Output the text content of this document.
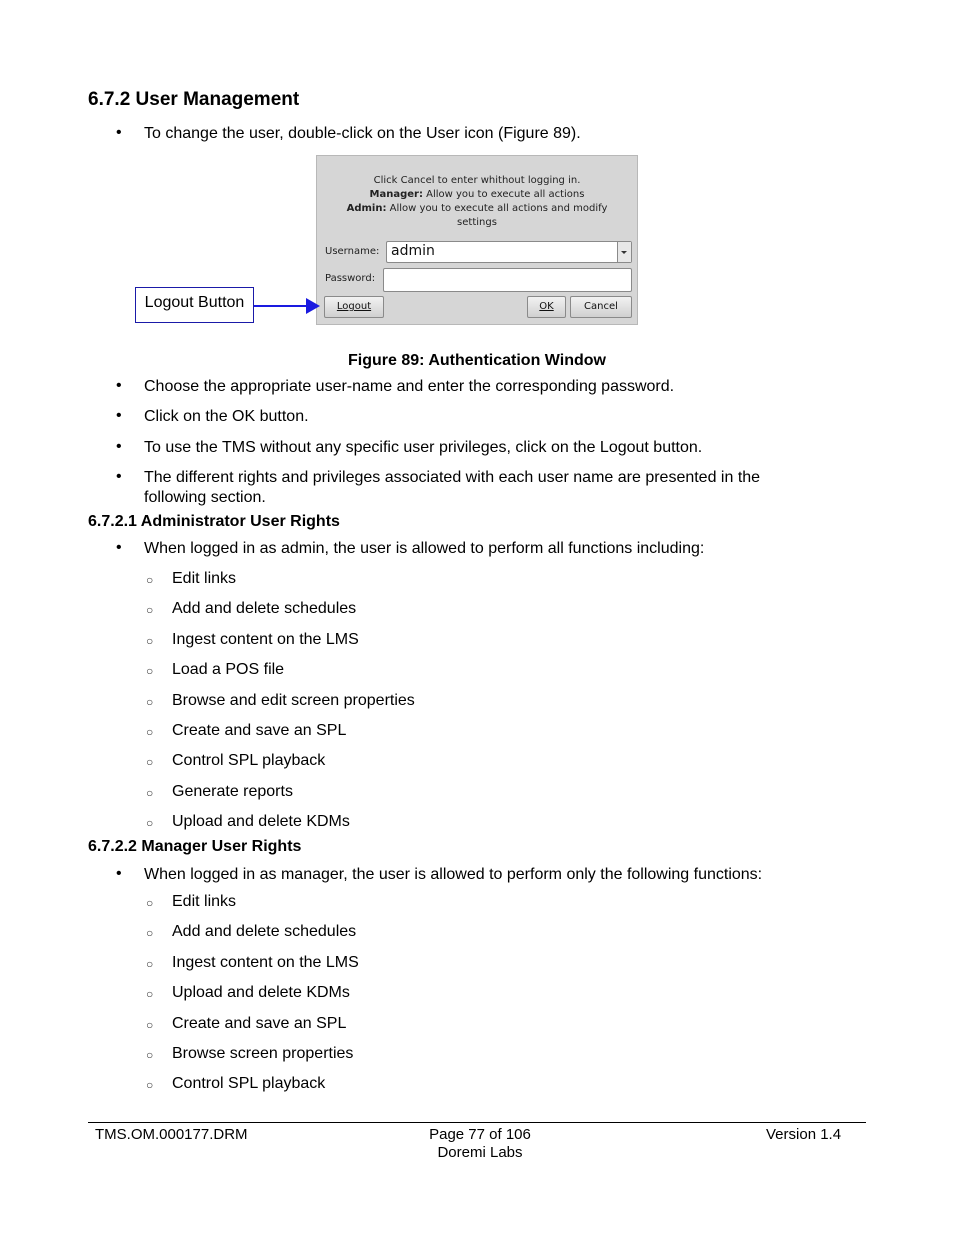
6.7.2 User Management
• To change the user, double-click on the User icon (Figure 89).
Click Cancel to enter whithout logging in.
Manager: Allow you to execute all actions
Admin: Allow you to execute all actions and modify
settings
Username: admin
Password:
Logout	OK	Cancel
Logout Button
Figure 89: Authentication Window
• Choose the appropriate user-name and enter the corresponding password.
• Click on the OK button.
• To use the TMS without any specific user privileges, click on the Logout button.
• The different rights and privileges associated with each user name are presented in the following section.
6.7.2.1 Administrator User Rights
• When logged in as admin, the user is allowed to perform all functions including:
○ Edit links
○ Add and delete schedules
○ Ingest content on the LMS
○ Load a POS file
○ Browse and edit screen properties
○ Create and save an SPL
○ Control SPL playback
○ Generate reports
○ Upload and delete KDMs
6.7.2.2 Manager User Rights
• When logged in as manager, the user is allowed to perform only the following functions:
○ Edit links
○ Add and delete schedules
○ Ingest content on the LMS
○ Upload and delete KDMs
○ Create and save an SPL
○ Browse screen properties
○ Control SPL playback
TMS.OM.000177.DRM	Page 77 of 106
Doremi Labs
Version 1.4
